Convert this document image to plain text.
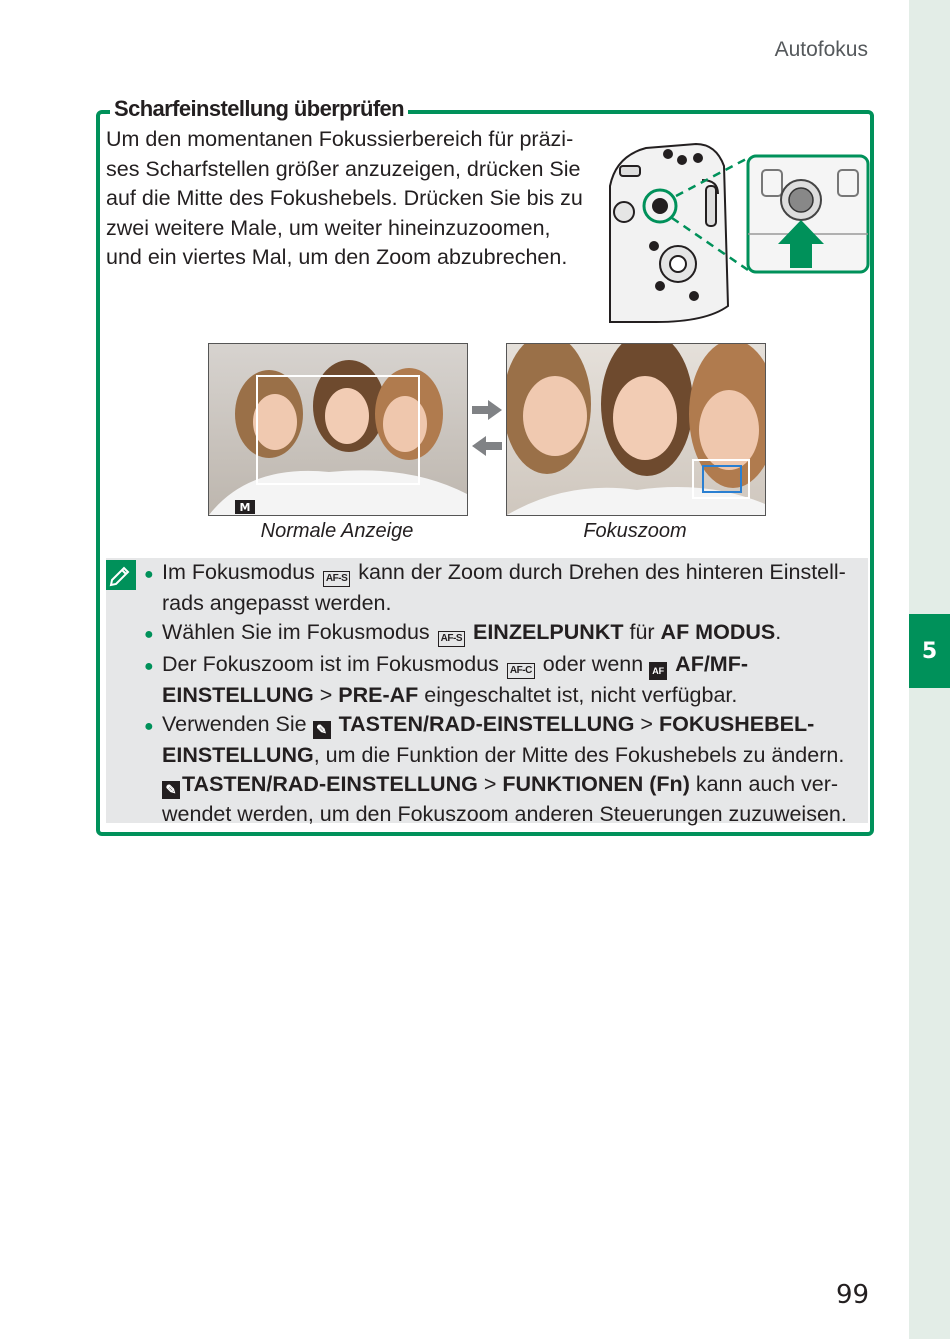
5
Autofokus
Scharfeinstellung überprüfen
Um den momentanen Fokussierbereich für präzi-
ses Scharfstellen größer anzuzeigen, drücken Sie
auf die Mitte des Fokushebels. Drücken Sie bis zu
zwei weitere Male, um weiter hineinzuzoomen,
und ein viertes Mal, um den Zoom abzubrechen.
M
Normale Anzeige	Fokuszoom
● Im Fokusmodus AF-S kann der Zoom durch Drehen des hinteren Einstell-
rads angepasst werden.
● Wählen Sie im Fokusmodus AF-S EINZELPUNKT für AF MODUS.
● Der Fokuszoom ist im Fokusmodus AF-C oder wenn AF AF/MF-
EINSTELLUNG > PRE-AF eingeschaltet ist, nicht verfügbar.
● Verwenden Sie ✎ TASTEN/RAD-EINSTELLUNG > FOKUSHEBEL-
EINSTELLUNG, um die Funktion der Mitte des Fokushebels zu ändern.
✎ TASTEN/RAD-EINSTELLUNG > FUNKTIONEN (Fn) kann auch ver-
wendet werden, um den Fokuszoom anderen Steuerungen zuzuweisen.
99
